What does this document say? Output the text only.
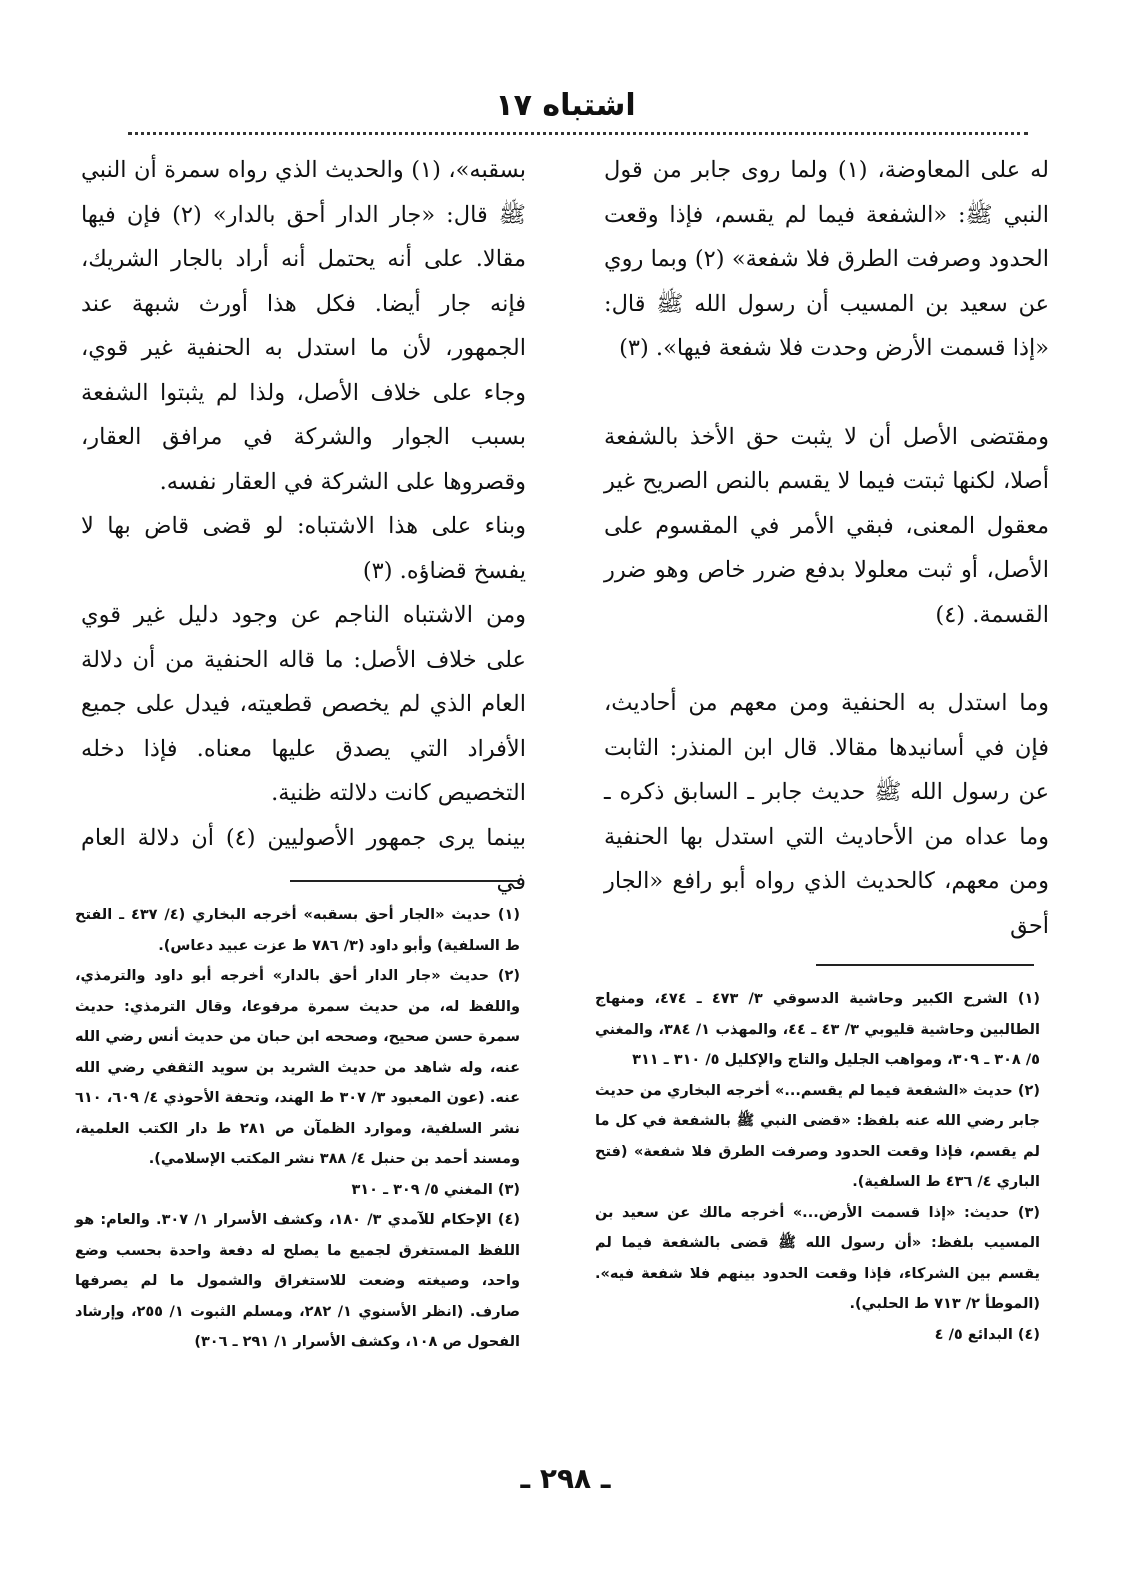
اشتباه ١٧

له على المعاوضة، (١) ولما روى جابر من قول النبي ﷺ: «الشفعة فيما لم يقسم، فإذا وقعت الحدود وصرفت الطرق فلا شفعة» (٢) وبما روي عن سعيد بن المسيب أن رسول الله ﷺ قال: «إذا قسمت الأرض وحدت فلا شفعة فيها». (٣)

ومقتضى الأصل أن لا يثبت حق الأخذ بالشفعة أصلا، لكنها ثبتت فيما لا يقسم بالنص الصريح غير معقول المعنى، فبقي الأمر في المقسوم على الأصل، أو ثبت معلولا بدفع ضرر خاص وهو ضرر القسمة. (٤)

وما استدل به الحنفية ومن معهم من أحاديث، فإن في أسانيدها مقالا. قال ابن المنذر: الثابت عن رسول الله ﷺ حديث جابر ـ السابق ذكره ـ وما عداه من الأحاديث التي استدل بها الحنفية ومن معهم، كالحديث الذي رواه أبو رافع «الجار أحق

بسقبه»، (١) والحديث الذي رواه سمرة أن النبي ﷺ قال: «جار الدار أحق بالدار» (٢) فإن فيها مقالا. على أنه يحتمل أنه أراد بالجار الشريك، فإنه جار أيضا. فكل هذا أورث شبهة عند الجمهور، لأن ما استدل به الحنفية غير قوي، وجاء على خلاف الأصل، ولذا لم يثبتوا الشفعة بسبب الجوار والشركة في مرافق العقار، وقصروها على الشركة في العقار نفسه.

وبناء على هذا الاشتباه: لو قضى قاض بها لا يفسخ قضاؤه. (٣)

ومن الاشتباه الناجم عن وجود دليل غير قوي على خلاف الأصل: ما قاله الحنفية من أن دلالة العام الذي لم يخصص قطعيته، فيدل على جميع الأفراد التي يصدق عليها معناه. فإذا دخله التخصيص كانت دلالته ظنية.

بينما يرى جمهور الأصوليين (٤) أن دلالة العام في

(١) حديث «الجار أحق بسقبه» أخرجه البخاري (٤/ ٤٣٧ ـ الفتح ط السلفية) وأبو داود (٣/ ٧٨٦ ط عزت عبيد دعاس).

(٢) حديث «جار الدار أحق بالدار» أخرجه أبو داود والترمذي، واللفظ له، من حديث سمرة مرفوعا، وقال الترمذي: حديث سمرة حسن صحيح، وصححه ابن حبان من حديث أنس رضي الله عنه، وله شاهد من حديث الشريد بن سويد الثقفي رضي الله عنه. (عون المعبود ٣/ ٣٠٧ ط الهند، وتحفة الأحوذي ٤/ ٦٠٩، ٦١٠ نشر السلفية، وموارد الظمآن ص ٢٨١ ط دار الكتب العلمية، ومسند أحمد بن حنبل ٤/ ٣٨٨ نشر المكتب الإسلامي).

(٣) المغني ٥/ ٣٠٩ ـ ٣١٠

(٤) الإحكام للآمدي ٣/ ١٨٠، وكشف الأسرار ١/ ٣٠٧. والعام: هو اللفظ المستغرق لجميع ما يصلح له دفعة واحدة بحسب وضع واحد، وصيغته وضعت للاستغراق والشمول ما لم يصرفها صارف. (انظر الأسنوي ١/ ٢٨٢، ومسلم الثبوت ١/ ٢٥٥، وإرشاد الفحول ص ١٠٨، وكشف الأسرار ١/ ٢٩١ ـ ٣٠٦)

(١) الشرح الكبير وحاشية الدسوقي ٣/ ٤٧٣ ـ ٤٧٤، ومنهاج الطالبين وحاشية قليوبي ٣/ ٤٣ ـ ٤٤، والمهذب ١/ ٣٨٤، والمغني ٥/ ٣٠٨ ـ ٣٠٩، ومواهب الجليل والتاج والإكليل ٥/ ٣١٠ ـ ٣١١

(٢) حديث «الشفعة فيما لم يقسم...» أخرجه البخاري من حديث جابر رضي الله عنه بلفظ: «قضى النبي ﷺ بالشفعة في كل ما لم يقسم، فإذا وقعت الحدود وصرفت الطرق فلا شفعة» (فتح الباري ٤/ ٤٣٦ ط السلفية).

(٣) حديث: «إذا قسمت الأرض...» أخرجه مالك عن سعيد بن المسيب بلفظ: «أن رسول الله ﷺ قضى بالشفعة فيما لم يقسم بين الشركاء، فإذا وقعت الحدود بينهم فلا شفعة فيه». (الموطأ ٢/ ٧١٣ ط الحلبي).

(٤) البدائع ٥/ ٤

ـ ٢٩٨ ـ
